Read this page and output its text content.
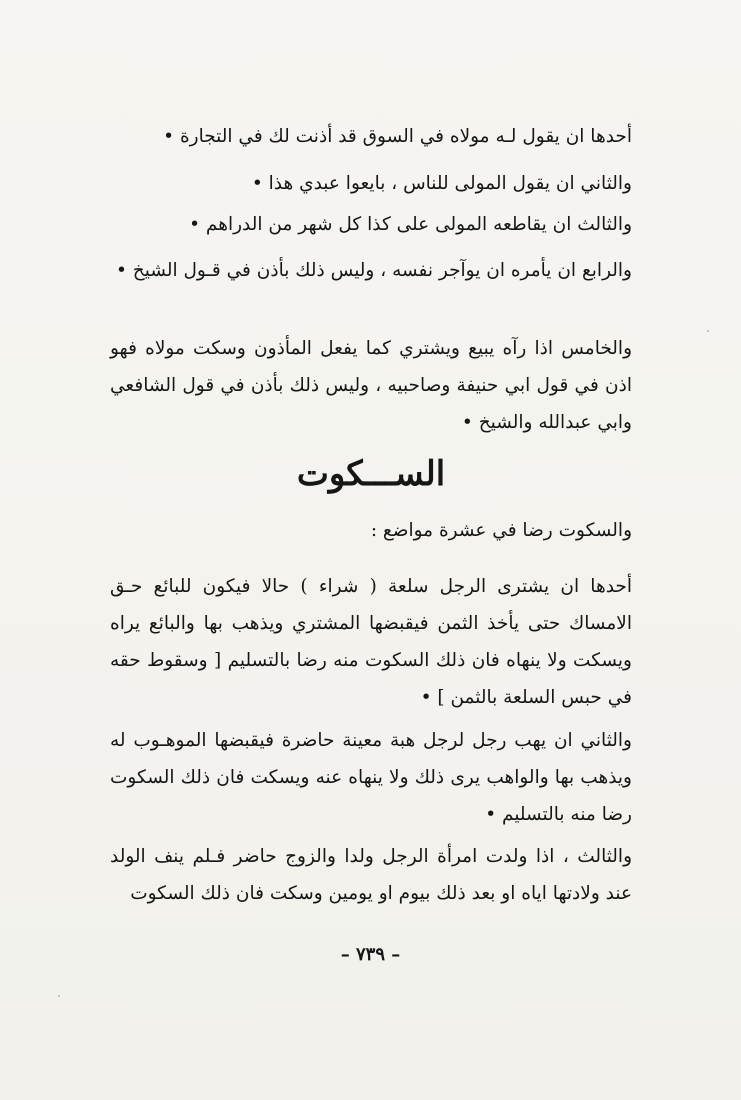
أحدها ان يقول لـه مولاه في السوق قد أذنت لك في التجارة •
والثاني ان يقول المولى للناس ، بايعوا عبدي هذا •
والثالث ان يقاطعه المولى على كذا كل شهر من الدراهم •
والرابع ان يأمره ان يوآجر نفسه ، وليس ذلك بأذن في قـول الشيخ •
والخامس اذا رآه يبيع ويشتري كما يفعل المأذون وسكت مولاه فهو اذن في قول ابي حنيفة وصاحبيه ، وليس ذلك بأذن في قول الشافعي وابي عبدالله والشيخ •
الســـكوت
والسكوت رضا في عشرة مواضع :
أحدها ان يشترى الرجل سلعة ( شراء ) حالا فيكون للبائع حـق الامساك حتى يأخذ الثمن فيقبضها المشتري ويذهب بها والبائع يراه ويسكت ولا ينهاه فان ذلك السكوت منه رضا بالتسليم [ وسقوط حقه في حبس السلعة بالثمن ] •
والثاني ان يهب رجل لرجل هبة معينة حاضرة فيقبضها الموهـوب له ويذهب بها والواهب يرى ذلك ولا ينهاه عنه ويسكت فان ذلك السكوت رضا منه بالتسليم •
والثالث ، اذا ولدت امرأة الرجل ولدا والزوج حاضر فـلم ينف الولد عند ولادتها اياه او بعد ذلك بيوم او يومين وسكت فان ذلك السكوت
– ٧٣٩ –
